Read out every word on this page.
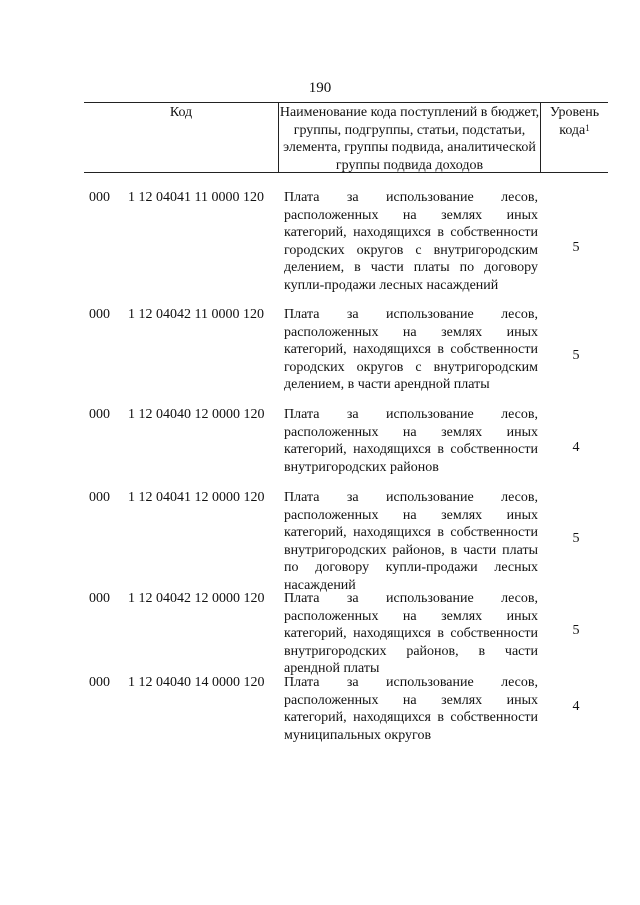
190
Код	Наименование кода поступлений в бюджет, группы, подгруппы, статьи, подстатьи, элемента, группы подвида, аналитической группы подвида доходов
Уровень кода$^1$
000 1 12 04041 11 0000 120 Плата за использование лесов, расположенных на землях иных категорий, находящихся в собственности городских округов с внутригородским делением, в части платы по договору купли-продажи лесных насаждений
5
000 1 12 04042 11 0000 120 Плата за использование лесов, расположенных на землях иных категорий, находящихся в собственности городских округов с внутригородским делением, в части арендной платы
5
000 1 12 04040 12 0000 120 Плата за использование лесов, расположенных на землях иных категорий, находящихся в собственности внутригородских районов
4
000 1 12 04041 12 0000 120 Плата за использование лесов, расположенных на землях иных категорий, находящихся в собственности внутригородских районов, в части платы по договору купли-продажи лесных насаждений
5
000 1 12 04042 12 0000 120 Плата за использование лесов, расположенных на землях иных категорий, находящихся в собственности внутригородских районов, в части арендной платы
5
000 1 12 04040 14 0000 120 Плата за использование лесов, расположенных на землях иных категорий, находящихся в собственности муниципальных округов
4
